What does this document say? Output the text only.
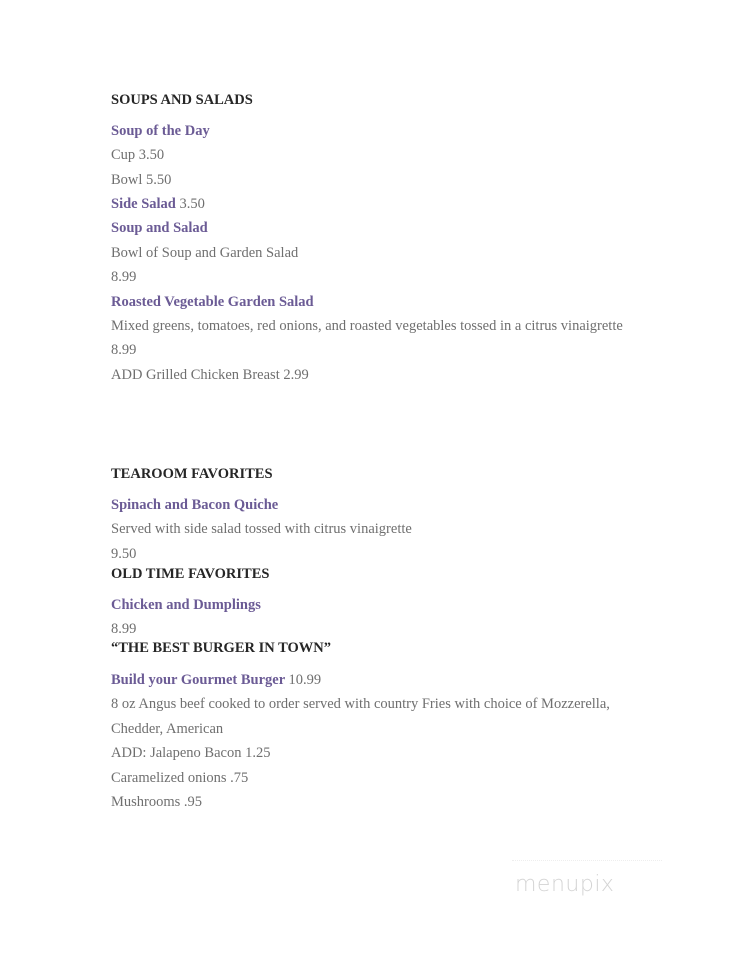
SOUPS AND SALADS
Soup of the Day
Cup 3.50
Bowl 5.50
Side Salad 3.50
Soup and Salad
Bowl of Soup and Garden Salad
8.99
Roasted Vegetable Garden Salad
Mixed greens, tomatoes, red onions, and roasted vegetables tossed in a citrus vinaigrette
8.99
ADD Grilled Chicken Breast 2.99
TEAROOM FAVORITES
Spinach and Bacon Quiche
Served with side salad tossed with citrus vinaigrette
9.50
OLD TIME FAVORITES
Chicken and Dumplings
8.99
“THE BEST BURGER IN TOWN”
Build your Gourmet Burger 10.99
8 oz Angus beef cooked to order served with country Fries with choice of Mozzerella,
Chedder, American
ADD: Jalapeno Bacon 1.25
Caramelized onions .75
Mushrooms .95
menupix
